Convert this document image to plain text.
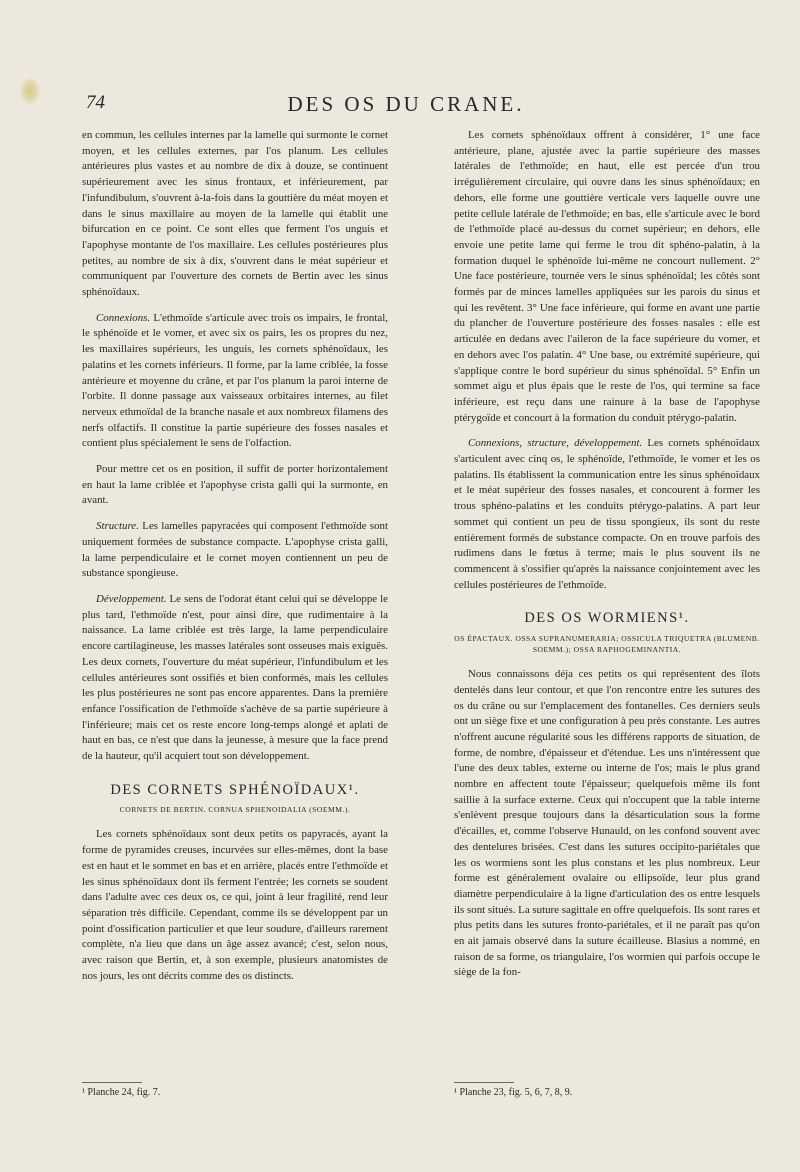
74	DES OS DU CRANE.

en commun, les cellules internes par la lamelle qui surmonte le cornet moyen, et les cellules externes, par l'os planum. Les cellules antérieures plus vastes et au nombre de dix à douze, se continuent supérieurement avec les sinus frontaux, et inférieurement, par l'infundibulum, s'ouvrent à-la-fois dans la gouttière du méat moyen et dans le sinus maxillaire au moyen de la lamelle qui établit une bifurcation en ce point. Ce sont elles que ferment l'os unguis et l'apophyse montante de l'os maxillaire. Les cellules postérieures plus petites, au nombre de six à dix, s'ouvrent dans le méat supérieur et communiquent par l'ouverture des cornets de Bertin avec les sinus sphénoïdaux.

Connexions. L'ethmoïde s'articule avec trois os impairs, le frontal, le sphénoïde et le vomer, et avec six os pairs, les os propres du nez, les maxillaires supérieurs, les unguis, les cornets sphénoïdaux, les palatins et les cornets inférieurs. Il forme, par la lame criblée, la fosse antérieure et moyenne du crâne, et par l'os planum la paroi interne de l'orbite. Il donne passage aux vaisseaux orbitaires internes, au filet nerveux ethmoïdal de la branche nasale et aux nombreux filamens des nerfs olfactifs. Il constitue la partie supérieure des fosses nasales et contient plus spécialement le sens de l'olfaction.

Pour mettre cet os en position, il suffit de porter horizontalement en haut la lame criblée et l'apophyse crista galli qui la surmonte, en avant.

Structure. Les lamelles papyracées qui composent l'ethmoïde sont uniquement formées de substance compacte. L'apophyse crista galli, la lame perpendiculaire et le cornet moyen contiennent un peu de substance spongieuse.

Développement. Le sens de l'odorat étant celui qui se développe le plus tard, l'ethmoïde n'est, pour ainsi dire, que rudimentaire à la naissance. La lame criblée est très large, la lame perpendiculaire encore cartilagineuse, les masses latérales sont osseuses mais exiguës. Les deux cornets, l'ouverture du méat supérieur, l'infundibulum et les cellules antérieures sont ossifiés et bien conformés, mais les cellules les plus postérieures ne sont pas encore apparentes. Dans la première enfance l'ossification de l'ethmoïde s'achève de sa partie supérieure à l'inférieure; mais cet os reste encore long-temps alongé et aplati de haut en bas, ce n'est que dans la jeunesse, à mesure que la face prend de la hauteur, qu'il acquiert tout son développement.

DES CORNETS SPHÉNOÏDAUX¹.
CORNETS DE BERTIN. CORNUA SPHENOIDALIA (SOEMM.).

Les cornets sphénoïdaux sont deux petits os papyracés, ayant la forme de pyramides creuses, incurvées sur elles-mêmes, dont la base est en haut et le sommet en bas et en arrière, placés entre l'ethmoïde et les sinus sphénoïdaux dont ils ferment l'entrée; les cornets se soudent dans l'adulte avec ces deux os, ce qui, joint à leur fragilité, rend leur séparation très difficile. Cependant, comme ils se développent par un point d'ossification particulier et que leur soudure, d'ailleurs rarement complète, n'a lieu que dans un âge assez avancé; c'est, selon nous, avec raison que Bertin, et, à son exemple, plusieurs anatomistes de nos jours, les ont décrits comme des os distincts.

Les cornets sphénoïdaux offrent à considérer, 1° une face antérieure, plane, ajustée avec la partie supérieure des masses latérales de l'ethmoïde; en haut, elle est percée d'un trou irrégulièrement circulaire, qui ouvre dans les sinus sphénoïdaux; en dehors, elle forme une gouttière verticale vers laquelle ouvre une petite cellule latérale de l'ethmoïde; en bas, elle s'articule avec le bord de l'ethmoïde placé au-dessus du cornet supérieur; en dehors, elle envoie une petite lame qui ferme le trou dit sphéno-palatin, à la formation duquel le sphénoïde lui-même ne concourt nullement. 2° Une face postérieure, tournée vers le sinus sphénoïdal; les côtés sont formés par de minces lamelles appliquées sur les parois du sinus et qui les revêtent. 3° Une face inférieure, qui forme en avant une partie du plancher de l'ouverture postérieure des fosses nasales : elle est articulée en dedans avec l'aileron de la face supérieure du vomer, et en dehors avec l'os palatin. 4° Une base, ou extrémité supérieure, qui s'applique contre le bord supérieur du sinus sphénoïdal. 5° Enfin un sommet aigu et plus épais que le reste de l'os, qui termine sa face inférieure, est reçu dans une rainure à la base de l'apophyse ptérygoïde et concourt à la formation du conduit ptérygo-palatin.

Connexions, structure, développement. Les cornets sphénoïdaux s'articulent avec cinq os, le sphénoïde, l'ethmoïde, le vomer et les os palatins. Ils établissent la communication entre les sinus sphénoïdaux et le méat supérieur des fosses nasales, et concourent à former les trous sphéno-palatins et les conduits ptérygo-palatins. A part leur sommet qui contient un peu de tissu spongieux, ils sont du reste entièrement formés de substance compacte. On en trouve parfois des rudimens dans le fœtus à terme; mais le plus souvent ils ne commencent à s'ossifier qu'après la naissance conjointement avec les cellules postérieures de l'ethmoïde.

DES OS WORMIENS¹.
OS ÉPACTAUX. OSSA SUPRANUMERARIA; OSSICULA TRIQUETRA (BLUMENB. SOEMM.); OSSA RAPHOGEMINANTIA.

Nous connaissons déja ces petits os qui représentent des îlots dentelés dans leur contour, et que l'on rencontre entre les sutures des os du crâne ou sur l'emplacement des fontanelles. Ces derniers seuls ont un siège fixe et une configuration à peu près constante. Les autres n'offrent aucune régularité sous les différens rapports de situation, de forme, de nombre, d'épaisseur et d'étendue. Les uns n'intéressent que l'une des deux tables, externe ou interne de l'os; mais le plus grand nombre en affectent toute l'épaisseur; quelquefois même ils font saillie à la surface externe. Ceux qui n'occupent que la table interne s'enlèvent presque toujours dans la désarticulation sous la forme d'écailles, et, comme l'observe Hunauld, on les confond souvent avec des dentelures brisées. C'est dans les sutures occipito-pariétales que les os wormiens sont les plus constans et les plus nombreux. Leur forme est généralement ovalaire ou ellipsoïde, leur plus grand diamètre perpendiculaire à la ligne d'articulation des os entre lesquels ils sont situés. La suture sagittale en offre quelquefois. Ils sont rares et plus petits dans les sutures fronto-pariétales, et il ne paraît pas qu'on en ait jamais observé dans la suture écailleuse. Blasius a nommé, en raison de sa forme, os triangulaire, l'os wormien qui parfois occupe le siège de la fon-

¹ Planche 24, fig. 7.	¹ Planche 23, fig. 5, 6, 7, 8, 9.
